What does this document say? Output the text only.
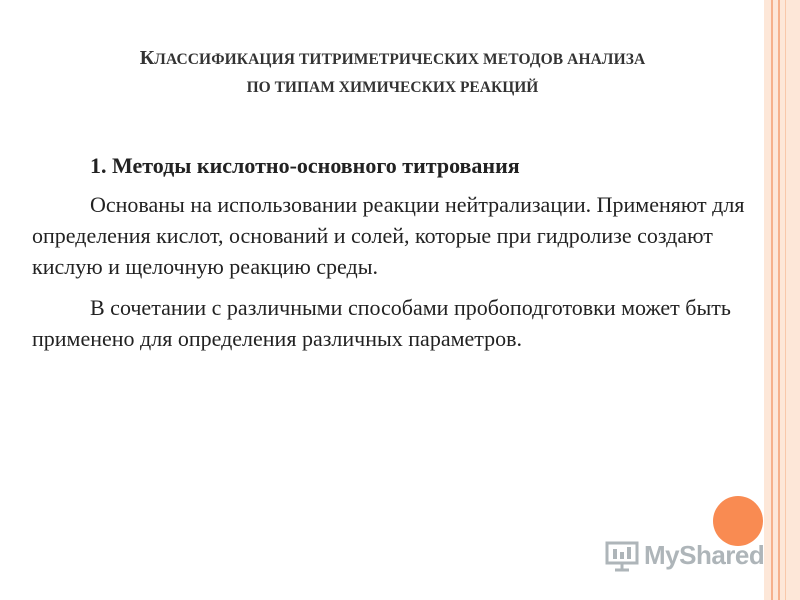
КЛАССИФИКАЦИЯ ТИТРИМЕТРИЧЕСКИХ МЕТОДОВ АНАЛИЗА
ПО ТИПАМ ХИМИЧЕСКИХ РЕАКЦИЙ

1. Методы кислотно-основного титрования

Основаны на использовании реакции нейтрализации. Применяют для определения кислот, оснований и солей, которые при гидролизе создают кислую и щелочную реакцию среды.

В сочетании с различными способами пробоподготовки может быть применено для определения различных параметров.

MyShared
